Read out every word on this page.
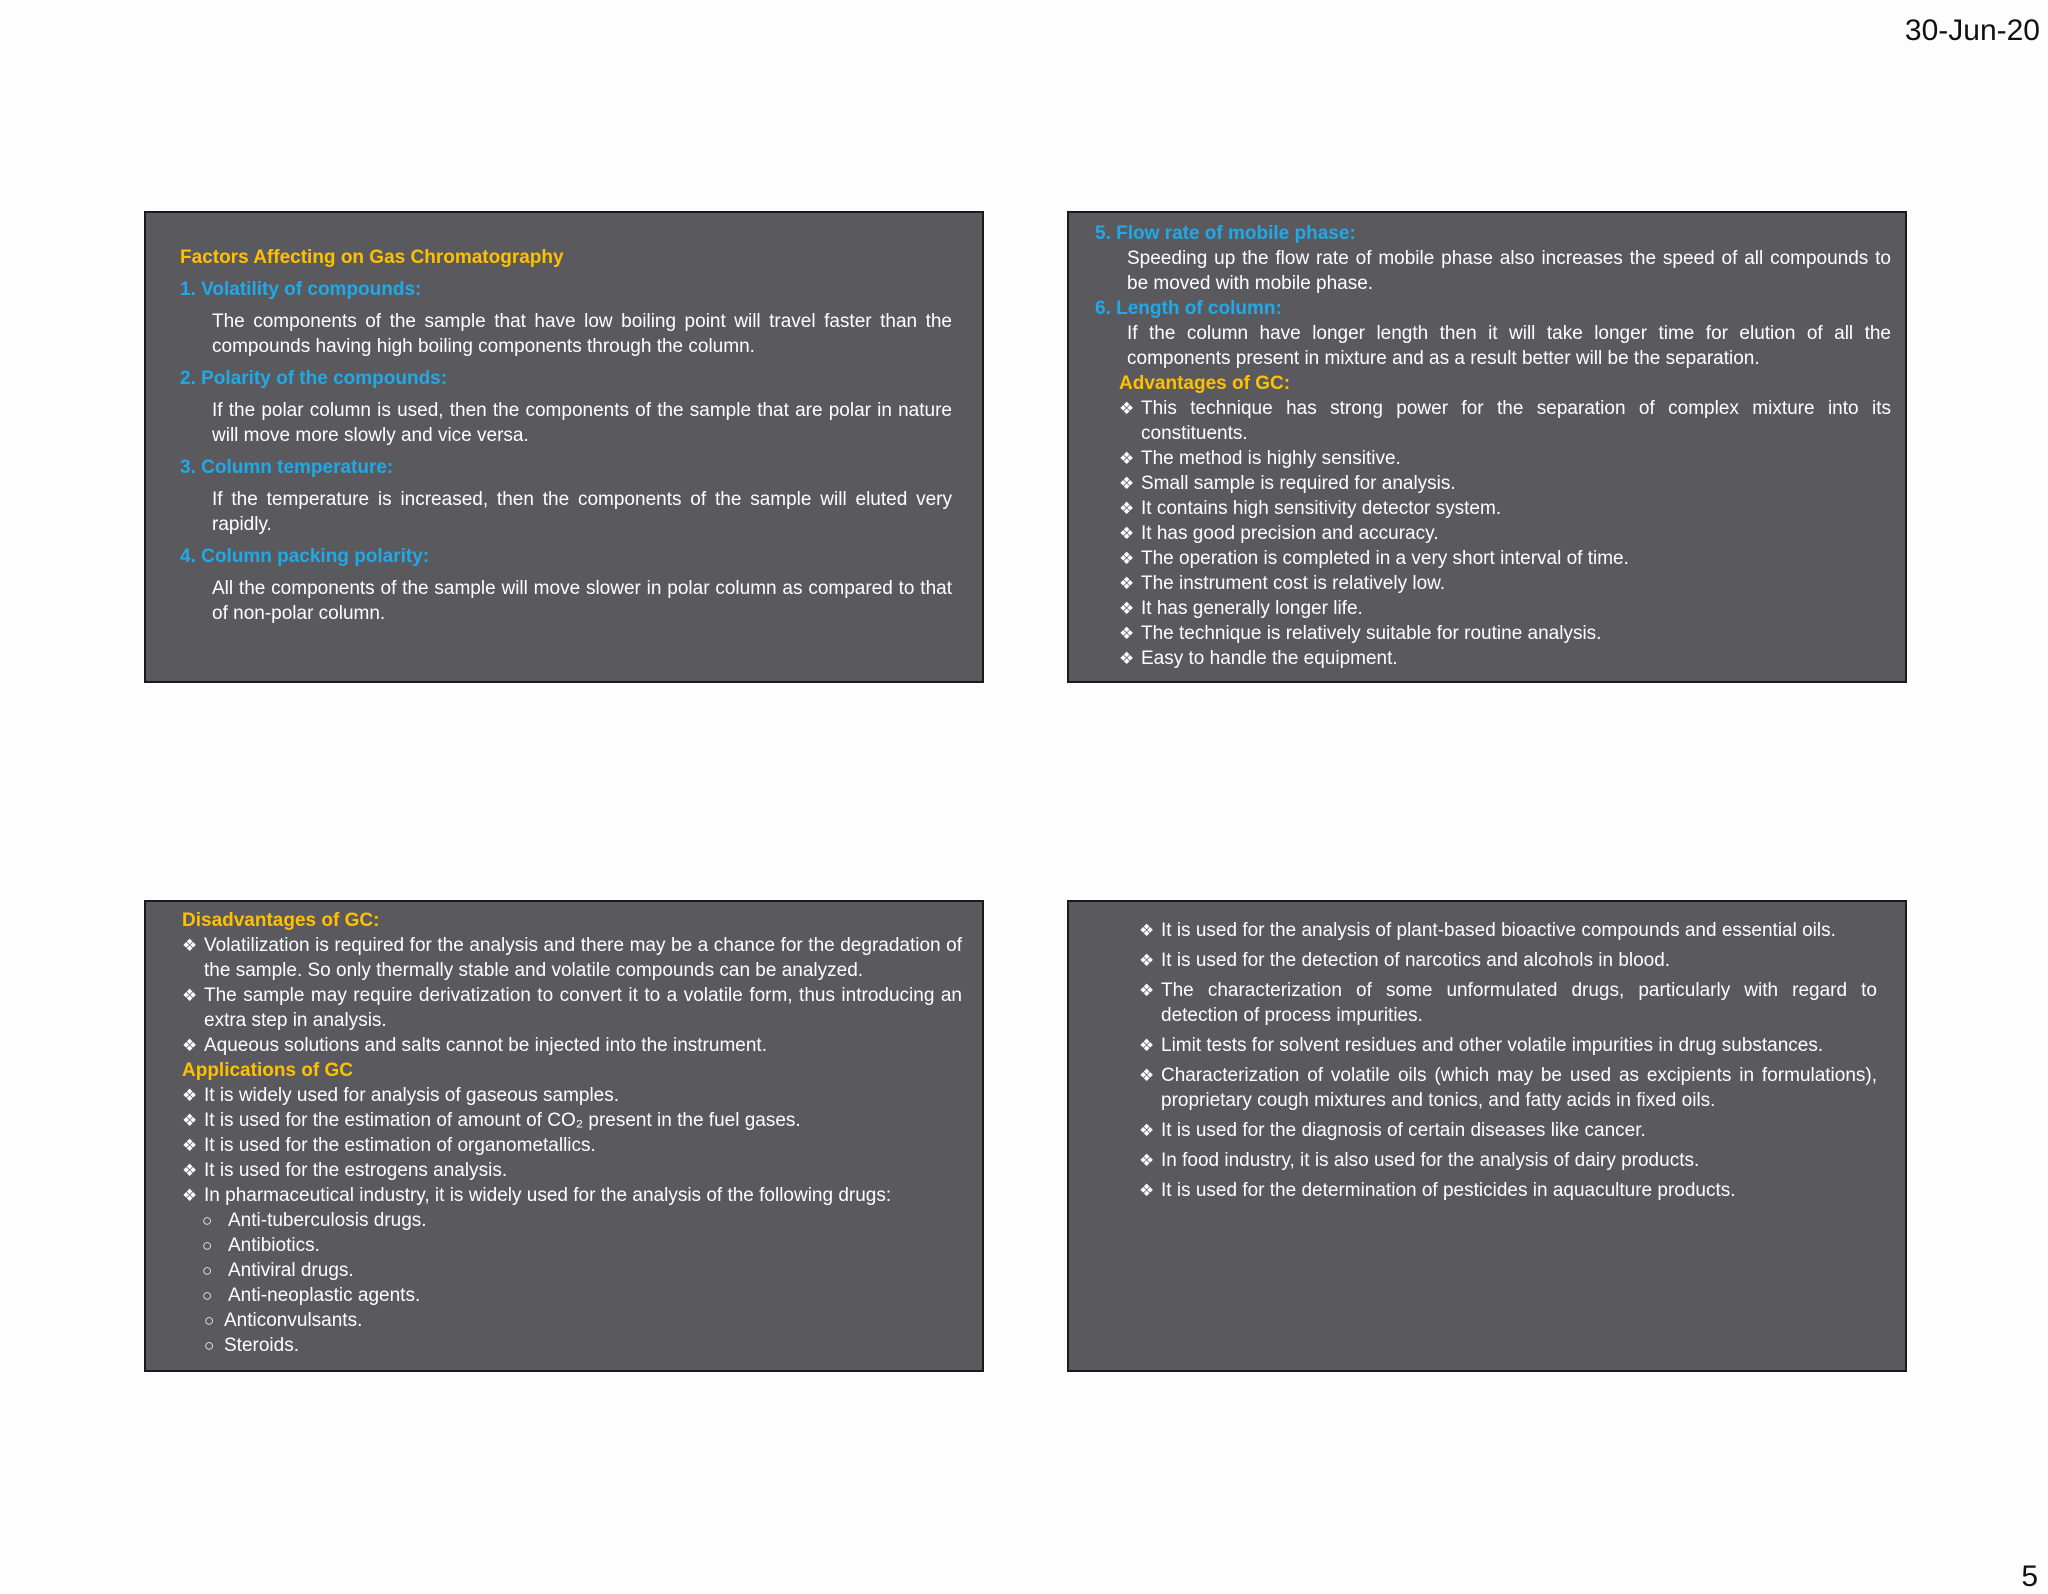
30-Jun-20
Factors Affecting on Gas Chromatography
1. Volatility of compounds:
The components of the sample that have low boiling point will travel faster than the compounds having high boiling components through the column.
2. Polarity of the compounds:
If the polar column is used, then the components of the sample that are polar in nature will move more slowly and vice versa.
3. Column temperature:
If the temperature is increased, then the components of the sample will eluted very rapidly.
4. Column packing polarity:
All the components of the sample will move slower in polar column as compared to that of non-polar column.
5. Flow rate of mobile phase:
Speeding up the flow rate of mobile phase also increases the speed of all compounds to be moved with mobile phase.
6. Length of column:
If the column have longer length then it will take longer time for elution of all the components present in mixture and as a result better will be the separation.
Advantages of GC:
❖ This technique has strong power for the separation of complex mixture into its constituents.
❖ The method is highly sensitive.
❖ Small sample is required for analysis.
❖ It contains high sensitivity detector system.
❖ It has good precision and accuracy.
❖ The operation is completed in a very short interval of time.
❖ The instrument cost is relatively low.
❖ It has generally longer life.
❖ The technique is relatively suitable for routine analysis.
❖ Easy to handle the equipment.
Disadvantages of GC:
❖ Volatilization is required for the analysis and there may be a chance for the degradation of the sample. So only thermally stable and volatile compounds can be analyzed.
❖ The sample may require derivatization to convert it to a volatile form, thus introducing an extra step in analysis.
❖ Aqueous solutions and salts cannot be injected into the instrument.
Applications of GC
❖ It is widely used for analysis of gaseous samples.
❖ It is used for the estimation of amount of CO₂ present in the fuel gases.
❖ It is used for the estimation of organometallics.
❖ It is used for the estrogens analysis.
❖ In pharmaceutical industry, it is widely used for the analysis of the following drugs:
○ Anti-tuberculosis drugs.
○ Antibiotics.
○ Antiviral drugs.
○ Anti-neoplastic agents.
○ Anticonvulsants.
○ Steroids.
❖ It is used for the analysis of plant-based bioactive compounds and essential oils.
❖ It is used for the detection of narcotics and alcohols in blood.
❖ The characterization of some unformulated drugs, particularly with regard to detection of process impurities.
❖ Limit tests for solvent residues and other volatile impurities in drug substances.
❖ Characterization of volatile oils (which may be used as excipients in formulations), proprietary cough mixtures and tonics, and fatty acids in fixed oils.
❖ It is used for the diagnosis of certain diseases like cancer.
❖ In food industry, it is also used for the analysis of dairy products.
❖ It is used for the determination of pesticides in aquaculture products.
5
